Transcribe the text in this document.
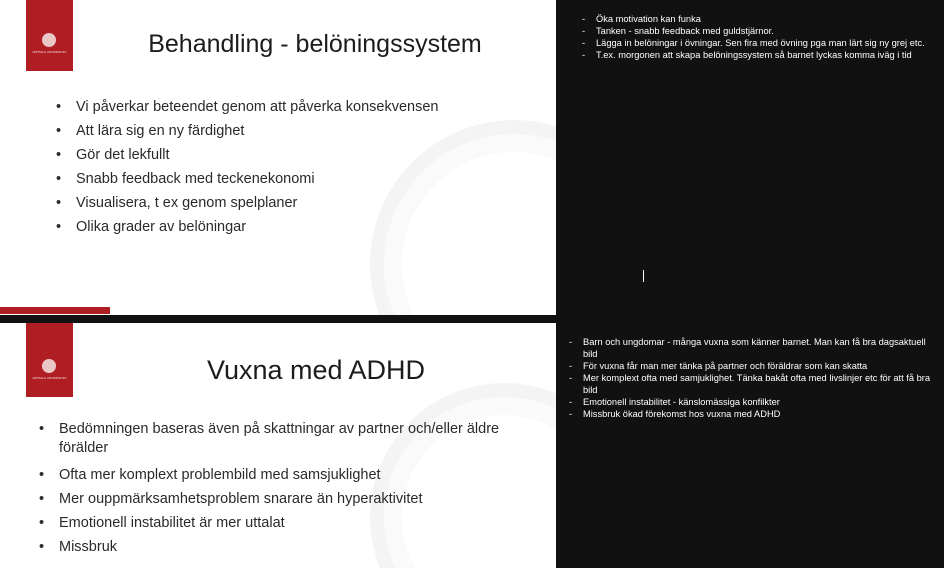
UPPSALA UNIVERSITET	Behandling - belöningssystem
• Vi påverkar beteendet genom att påverka konsekvensen
• Att lära sig en ny färdighet
• Gör det lekfullt
• Snabb feedback med teckenekonomi
• Visualisera, t ex genom spelplaner
• Olika grader av belöningar
- Öka motivation kan funka
- Tanken - snabb feedback med guldstjärnor.
- Lägga in belöningar i övningar. Sen fira med övning pga man lärt sig ny grej etc.
- T.ex. morgonen att skapa belöningssystem så barnet lyckas komma iväg i tid
UPPSALA UNIVERSITET	Vuxna med ADHD
• Bedömningen baseras även på skattningar av partner och/eller äldre förälder
• Ofta mer komplext problembild med samsjuklighet
• Mer ouppmärksamhetsproblem snarare än hyperaktivitet
• Emotionell instabilitet är mer uttalat
• Missbruk
- Barn och ungdomar - många vuxna som känner barnet. Man kan få bra dagsaktuell bild
- För vuxna får man mer tänka på partner och föräldrar som kan skatta
- Mer komplext ofta med samjuklighet. Tänka bakåt ofta med livslinjer etc för att få bra bild
- Emotionell instabilitet - känslomässiga konfilkter
- Missbruk ökad förekomst hos vuxna med ADHD
